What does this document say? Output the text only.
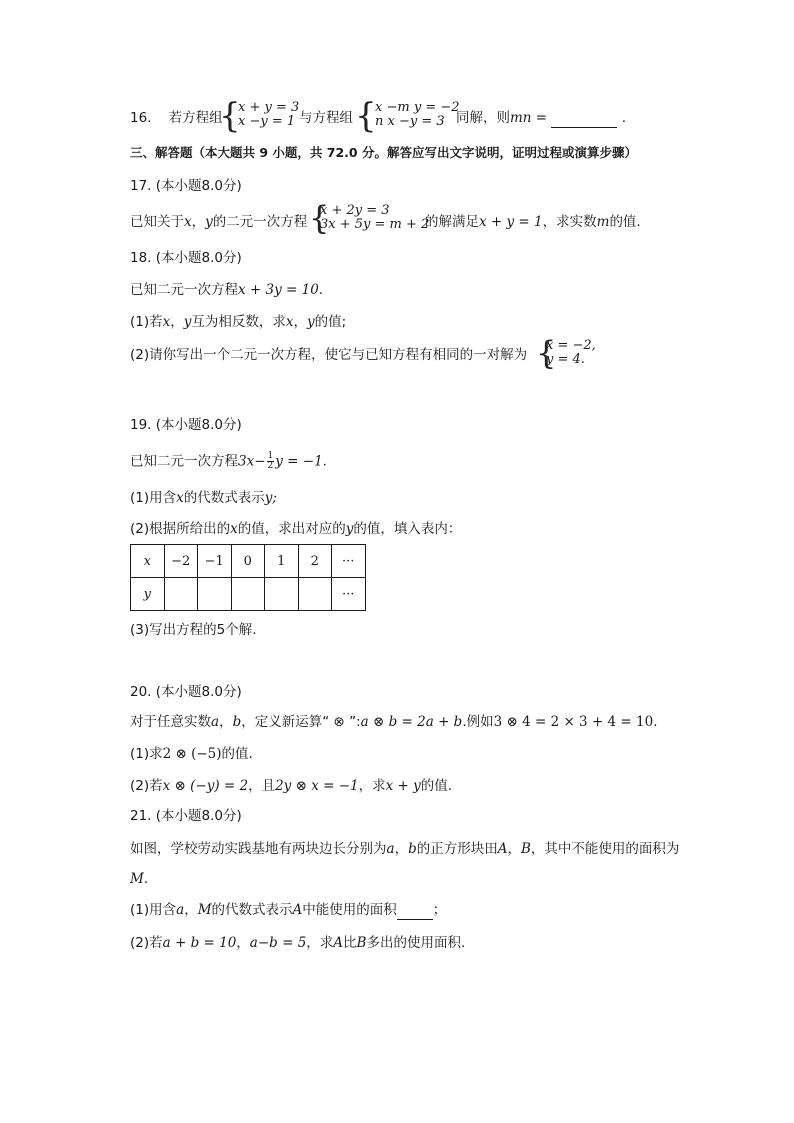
16. 若方程组
{
x + y = 3
x −y = 1 与方程组 {
x −m y = −2
n x −y = 3 同解，则mn =	.
三、解答题（本大题共 9 小题，共 72.0 分。解答应写出文字说明，证明过程或演算步骤）
17. (本小题8.0分)
已知关于x，y的二元一次方程 {
x + 2y = 3
3x + 5y = m + 2
的解满足x + y = 1，求实数m的值.
18. (本小题8.0分)
已知二元一次方程x + 3y = 10.
(1)若x，y互为相反数，求x，y的值;
(2)请你写出一个二元一次方程，使它与已知方程有相同的一对解为 {
x = −2,
y = 4.
19. (本小题8.0分)
已知二元一次方程$3x- \frac{1}{2}$ y = −1.
(1)用含x的代数式表示y;
(2)根据所给出的x的值，求出对应的y的值，填入表内：
x	−2	−1	0	1	2	···
y						···
(3)写出方程的5个解.
20. (本小题8.0分)
对于任意实数a，b，定义新运算“ ⊗ ”:a ⊗ b = 2a + b.例如3 ⊗ 4 = 2 × 3 + 4 = 10.
(1)求2 ⊗ (−5)的值.
(2)若x ⊗ (−y) = 2，且2y ⊗ x = −1，求x + y的值.
21. (本小题8.0分)
如图，学校劳动实践基地有两块边长分别为a，b的正方形块田A，B，其中不能使用的面积为
M.
(1)用含a，M的代数式表示A中能使用的面积	；
(2)若a + b = 10，a−b = 5，求A比B多出的使用面积.
